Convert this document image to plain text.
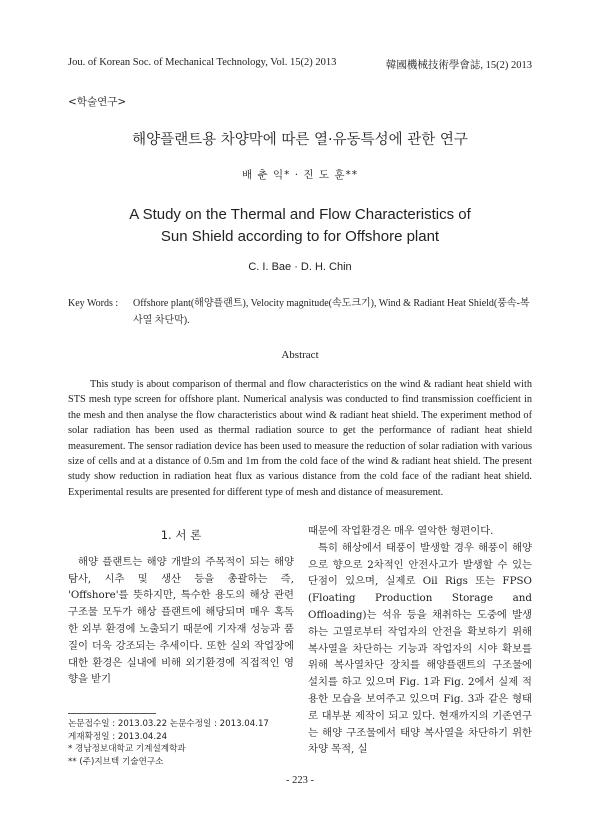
Jou. of Korean Soc. of Mechanical Technology, Vol. 15(2) 2013	韓國機械技術學會誌, 15(2) 2013
<학술연구>
해양플랜트용 차양막에 따른 열·유동특성에 관한 연구
배 춘 익* · 진 도 훈**
A Study on the Thermal and Flow Characteristics of
Sun Shield according to for Offshore plant
C. I. Bae · D. H. Chin
Key Words : Offshore plant(해양플랜트), Velocity magnitude(속도크기), Wind & Radiant Heat Shield(풍속-복사열 차단막).
Abstract
This study is about comparison of thermal and flow characteristics on the wind & radiant heat shield with STS mesh type screen for offshore plant. Numerical analysis was conducted to find transmission coefficient in the mesh and then analyse the flow characteristics about wind & radiant heat shield. The experiment method of solar radiation has been used as thermal radiation source to get the performance of radiant heat shield measurement. The sensor radiation device has been used to measure the reduction of solar radiation with various size of cells and at a distance of 0.5m and 1m from the cold face of the wind & radiant heat shield. The present study show reduction in radiation heat flux as various distance from the cold face of the radiant heat shield. Experimental results are presented for different type of mesh and distance of measurement.
1. 서 론

해양 플랜트는 해양 개발의 주목적이 되는 해양 탐사, 시추 및 생산 등을 총괄하는 즉, 'Offshore'를 뜻하지만, 특수한 용도의 해상 관련 구조물 모두가 해상 플랜트에 해당되며 매우 혹독한 외부 환경에 노출되기 때문에 기자재 성능과 품질이 더욱 강조되는 추세이다. 또한 실외 작업장에 대한 환경은 실내에 비해 외기환경에 직접적인 영향을 받기

때문에 작업환경은 매우 열악한 형편이다.

특히 해상에서 태풍이 발생할 경우 해풍이 해양으로 향으로 2차적인 안전사고가 발생할 수 있는 단점이 있으며, 실제로 Oil Rigs 또는 FPSO (Floating Production Storage and Offloading)는 석유 등을 채취하는 도중에 발생하는 고열로부터 작업자의 안전을 확보하기 위해 복사열을 차단하는 기능과 작업자의 시야 확보를 위해 복사열차단 장치를 해양플랜트의 구조물에 설치를 하고 있으며 Fig. 1과 Fig. 2에서 실제 적용한 모습을 보여주고 있으며 Fig. 3과 같은 형태로 대부분 제작이 되고 있다. 현재까지의 기존연구는 해양 구조물에서 태양 복사열을 차단하기 위한 차양 목적, 실

논문접수일 : 2013.03.22 논문수정일 : 2013.04.17
게재확정일 : 2013.04.24
* 경남정보대학교 기계설계학과
** (주)지브텍 기술연구소
- 223 -
